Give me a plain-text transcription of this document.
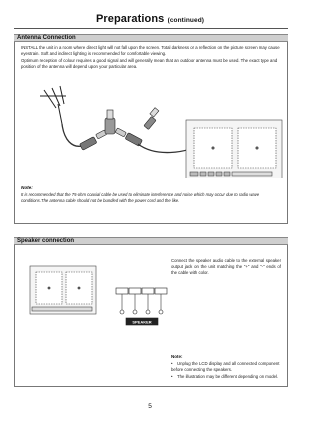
Preparations (continued)
Antenna Connection
INSTALL the unit in a room where direct light will not fall upon the screen. Total darkness or a reflection on the picture screen may cause eyestrain. Soft and indirect lighting is recommended for comfortable viewing.
Optimum reception of colour requires a good signal and will generally mean that an outdoor antenna must be used. The exact type and position of the antenna will depend upon your particular area.
Note:
It is recommended that the 75-ohm coaxial cable be used to eliminate interference and noise which may occur due to radio wave conditions.The antenna cable should not be bundled with the power cord and the like.
Speaker connection
SPEAKER
Connect the speaker audio cable to the external speaker output jack on the unit matching the "+" and "-" ends of the cable with color.
Note:
• Unplug the LCD display and all connected component before connecting the speakers.
• The illustration may be different depending on model.
5
